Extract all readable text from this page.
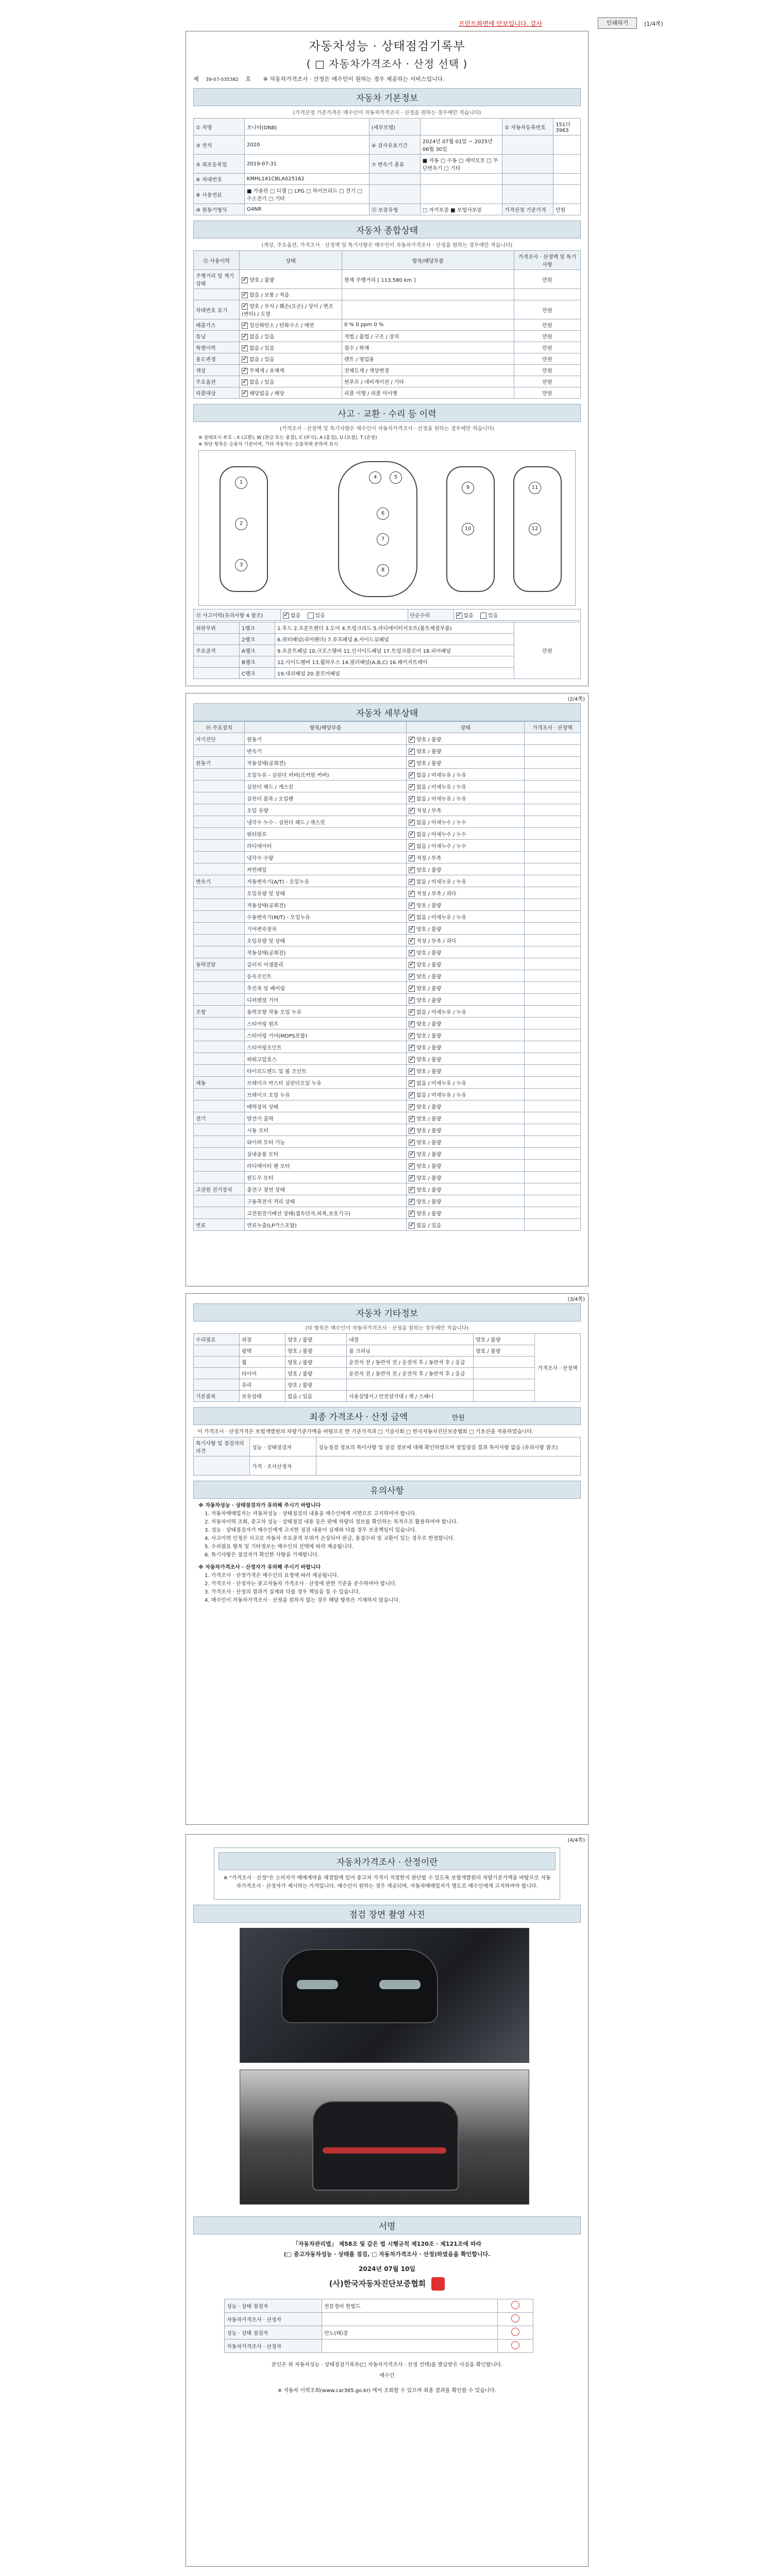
프린트화면에 안보입니다. 감사	인쇄하기	(1/4쪽)
자동차성능 · 상태점검기록부
( □ 자동차가격조사 · 산정 선택 )
제 39-07-035382 호 ※ 자동차가격조사 · 산정은 매수인이 원하는 경우 제공하는 서비스입니다.
자동차 기본정보
(가격산정 기준가격은 매수인이 자동차가격조사 · 산정을 원하는 경우에만 적습니다)
① 차명	쏘나타(DN8)	(세부모델)		② 자동차등록번호	151더3963
③ 연식	2020	④ 검사유효기간	2024년 07월 01일 ~ 2025년 06월 30일		
⑤ 최초등록일	2019-07-31	⑦ 변속기 종류	■ 자동 □ 수동 □ 세미오토 □ 무단변속기 □ 기타		
⑥ 차대번호	KMHL141CBLA025162				
⑧ 사용연료	■ 가솔린 □ 디젤 □ LPG □ 하이브리드 □ 전기 □ 수소전기 □ 기타				
⑩ 원동기형식	G4NR	⑪ 보증유형	□ 자가보증 ■ 보험사보증	가격산정 기준가격	만원
자동차 종합상태
(색상, 주요옵션, 가격조사 · 산정액 및 특기사항은 매수인이 자동차가격조사 · 산정을 원하는 경우에만 적습니다)
⑫ 사용이력	상태	항목/해당부품	가격조사 · 산정액 및 특기사항
주행거리 및 계기상태	✓양호 / 불량	현재 주행거리 [ 113,580 km ]	만원
	✓많음 / 보통 / 적음		
차대번호 표기	✓양호 / 부식 / 훼손(오손) / 상이 / 변조(변타) / 도말		만원
배출가스	✓일산화탄소 / 탄화수소 / 매연	0 % 0 ppm 0 %	만원
튜닝	✓없음 / 있음	적법 / 불법 / 구조 / 장치	만원
특별이력	✓없음 / 있음	침수 / 화재	만원
용도변경	✓없음 / 있음	렌트 / 영업용	만원
색상	✓무채색 / 유채색	전체도색 / 색상변경	만원
주요옵션	✓없음 / 있음	썬루프 / 네비게이션 / 기타	만원
리콜대상	✓해당없음 / 해당	리콜 이행 / 리콜 미이행	만원
사고 · 교환 · 수리 등 이력
(가격조사 · 산정액 및 특기사항은 매수인이 자동차가격조사 · 산정을 원하는 경우에만 적습니다)
※ 상태표시 부호 : X (교환), W (판금 또는 용접), C (부식), A (흠집), U (요철), T (손상)
※ 하단 항목은 승용차 기준이며, 기타 자동차는 승용차에 준하여 표시
1
2
3
4	5
6
7
8
9
10
11
12
⑬ 사고이력(유의사항 4 참조)	✓없음	있음	단순수리	✓없음	있음
외판부위	1랭크	1.후드 2.프론트펜더 3.도어 4.트렁크리드 5.라디에이터서포트(볼트체결부품)	만원
	2랭크	6.쿼터패널(리어펜더) 7.루프패널 8.사이드실패널	
주요골격	A랭크	9.프론트패널 10.크로스멤버 11.인사이드패널 17.트렁크플로어 18.리어패널	
	B랭크	12.사이드멤버 13.휠하우스 14.필러패널(A,B,C) 16.패키지트레이	
	C랭크	19.대쉬패널 20.플로어패널	
(2/4쪽)
자동차 세부상태
⑭ 주요장치	항목/해당부품	상태	가격조사 · 산정액
자기진단	원동기	✓양호 / 불량	
	변속기	✓양호 / 불량	
원동기	작동상태(공회전)	✓양호 / 불량	
	오일누유 - 실린더 커버(로커암 커버)	✓없음 / 미세누유 / 누유	
	실린더 헤드 / 개스킷	✓없음 / 미세누유 / 누유	
	실린더 블록 / 오일팬	✓없음 / 미세누유 / 누유	
	오일 유량	✓적정 / 부족	
	냉각수 누수 - 실린더 헤드 / 개스킷	✓없음 / 미세누수 / 누수	
	워터펌프	✓없음 / 미세누수 / 누수	
	라디에이터	✓없음 / 미세누수 / 누수	
	냉각수 수량	✓적정 / 부족	
	커먼레일	✓양호 / 불량	
변속기	자동변속기(A/T) - 오일누유	✓없음 / 미세누유 / 누유	
	오일유량 및 상태	✓적정 / 부족 / 과다	
	작동상태(공회전)	✓양호 / 불량	
	수동변속기(M/T) - 오일누유	✓없음 / 미세누유 / 누유	
	기어변속장치	✓양호 / 불량	
	오일유량 및 상태	✓적정 / 부족 / 과다	
	작동상태(공회전)	✓양호 / 불량	
동력전달	클러치 어셈블리	✓양호 / 불량	
	등속조인트	✓양호 / 불량	
	추진축 및 베어링	✓양호 / 불량	
	디퍼렌셜 기어	✓양호 / 불량	
조향	동력조향 작동 오일 누유	✓없음 / 미세누유 / 누유	
	스티어링 펌프	✓양호 / 불량	
	스티어링 기어(MDPS포함)	✓양호 / 불량	
	스티어링조인트	✓양호 / 불량	
	파워고압호스	✓양호 / 불량	
	타이로드엔드 및 볼 조인트	✓양호 / 불량	
제동	브레이크 마스터 실린더오일 누유	✓없음 / 미세누유 / 누유	
	브레이크 오일 누유	✓없음 / 미세누유 / 누유	
	배력장치 상태	✓양호 / 불량	
전기	발전기 출력	✓양호 / 불량	
	시동 모터	✓양호 / 불량	
	와이퍼 모터 기능	✓양호 / 불량	
	실내송풍 모터	✓양호 / 불량	
	라디에이터 팬 모터	✓양호 / 불량	
	윈도우 모터	✓양호 / 불량	
고전원 전기장치	충전구 절연 상태	✓양호 / 불량	
	구동축전지 격리 상태	✓양호 / 불량	
	고전원전기배선 상태(접속단자,피복,보호기구)	✓양호 / 불량	
연료	연료누출(LP가스포함)	✓없음 / 있음	
(3/4쪽)
자동차 기타정보
(타 항목은 매수인이 자동차가격조사 · 산정을 원하는 경우에만 적습니다)
수리필요	외장	양호 / 불량	내장	양호 / 불량	가격조사 · 산정액
	광택	양호 / 불량	룸 크리닝	양호 / 불량	
	휠	양호 / 불량	운전석 전 / 동반석 전 / 운전석 후 / 동반석 후 / 응급		
	타이어	양호 / 불량	운전석 전 / 동반석 전 / 운전석 후 / 동반석 후 / 응급		
	유리	양호 / 불량			
기본품목	보유상태	없음 / 있음	사용설명서 / 안전삼각대 / 잭 / 스패너		
최종 가격조사 · 산정 금액	만원
이 가격조사 · 산정가격은 보험개발원의 차량기준가액을 바탕으로 한 기준가격과 □ 기술사회 □ 한국자동차진단보증협회 □ 기초산출 적용하였습니다.
특기사항 및 점검자의 의견	성능 · 상태점검자	성능점검 정보의 특이사항 및 점검 정보에 대해 확인하였으며 정밀점검 결과 특이사항 없음 (유의사항 참조)
	가격 · 조사산정자	
유의사항
※ 자동차성능 · 상태점검자가 유의해 주시기 바랍니다
1. 자동차매매업자는 자동차성능 · 상태점검의 내용을 매수인에게 서면으로 고지하여야 합니다.
2. 자동차이력 조회, 중고차 성능 · 상태점검 내용 등은 판매 차량의 정보를 확인하는 목적으로 활용하여야 합니다.
3. 성능 · 상태점검자가 매수인에게 고지한 점검 내용이 실제와 다를 경우 보증책임이 있습니다.
4. 사고이력 인정은 사고로 자동차 주요골격 부위가 손상되어 판금, 용접수리 및 교환이 있는 경우로 한정합니다.
5. 수리필요 항목 및 기타정보는 매수인의 선택에 따라 제공됩니다.
6. 특기사항은 점검자가 확인한 사항을 기재합니다.
※ 자동차가격조사 · 산정자가 유의해 주시기 바랍니다
1. 가격조사 · 산정가격은 매수인의 요청에 따라 제공됩니다.
2. 가격조사 · 산정자는 중고자동차 가격조사 · 산정에 관한 기준을 준수하여야 합니다.
3. 가격조사 · 산정의 결과가 실제와 다를 경우 책임을 질 수 있습니다.
4. 매수인이 자동차가격조사 · 산정을 원하지 않는 경우 해당 항목은 기재하지 않습니다.
(4/4쪽)
자동차가격조사 · 산정이란
※ "가격조사 · 산정"은 소비자가 매매계약을 체결함에 있어 중고차 가격이 적절한지 판단할 수 있도록 보험개발원의 차량기준가액을 바탕으로 자동차가격조사 · 산정자가 제시하는 가격입니다. 매수인이 원하는 경우 제공되며, 자동차매매업자가 별도로 매수인에게 고지하여야 합니다.
점검 장면 촬영 사진
서명
「자동차관리법」 제58조 및 같은 법 시행규칙 제120조 · 제121조에 따라
(□ 중고자동차성능 · 상태를 점검, □ 자동차가격조사 · 산정)하였음을 확인합니다.
2024년 07월 10일
(사)한국자동차진단보증협회
성능 · 상태 점검자	전문정비 한빛드	
자동차가격조사 · 산정자		
성능 · 상태 점검자	안노(태)장	
자동차가격조사 · 산정자		
본인은 위 자동차성능 · 상태점검기록부(□ 자동차가격조사 · 산정 선택)를 발급받은 사실을 확인합니다.
매수인
※ 자동차 이력조회(www.car365.go.kr) 에서 조회할 수 있으며 최종 결과를 확인할 수 있습니다.
